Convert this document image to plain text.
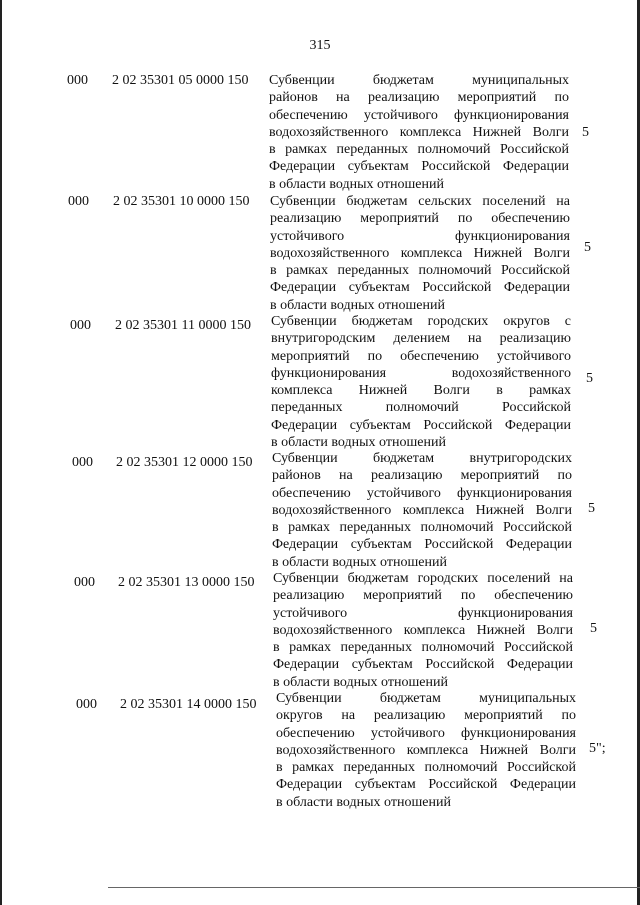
315
000 2 02 35301 05 0000 150 Субвенции бюджетам муниципальных
районов на реализацию мероприятий по
обеспечению устойчивого функционирования
водохозяйственного комплекса Нижней Волги
в рамках переданных полномочий Российской
Федерации субъектам Российской Федерации
в области водных отношений
5
000 2 02 35301 10 0000 150 Субвенции бюджетам сельских поселений на
реализацию мероприятий по обеспечению
устойчивого функционирования
водохозяйственного комплекса Нижней Волги
в рамках переданных полномочий Российской
Федерации субъектам Российской Федерации
в области водных отношений
5
000 2 02 35301 11 0000 150 Субвенции бюджетам городских округов с
внутригородским делением на реализацию
мероприятий по обеспечению устойчивого
функционирования водохозяйственного
комплекса Нижней Волги в рамках
переданных полномочий Российской
Федерации субъектам Российской Федерации
в области водных отношений
5
000 2 02 35301 12 0000 150 Субвенции бюджетам внутригородских
районов на реализацию мероприятий по
обеспечению устойчивого функционирования
водохозяйственного комплекса Нижней Волги
в рамках переданных полномочий Российской
Федерации субъектам Российской Федерации
в области водных отношений
5
000 2 02 35301 13 0000 150 Субвенции бюджетам городских поселений на
реализацию мероприятий по обеспечению
устойчивого функционирования
водохозяйственного комплекса Нижней Волги
в рамках переданных полномочий Российской
Федерации субъектам Российской Федерации
в области водных отношений
5
000 2 02 35301 14 0000 150 Субвенции бюджетам муниципальных
округов на реализацию мероприятий по
обеспечению устойчивого функционирования
водохозяйственного комплекса Нижней Волги
в рамках переданных полномочий Российской
Федерации субъектам Российской Федерации
в области водных отношений
5";
